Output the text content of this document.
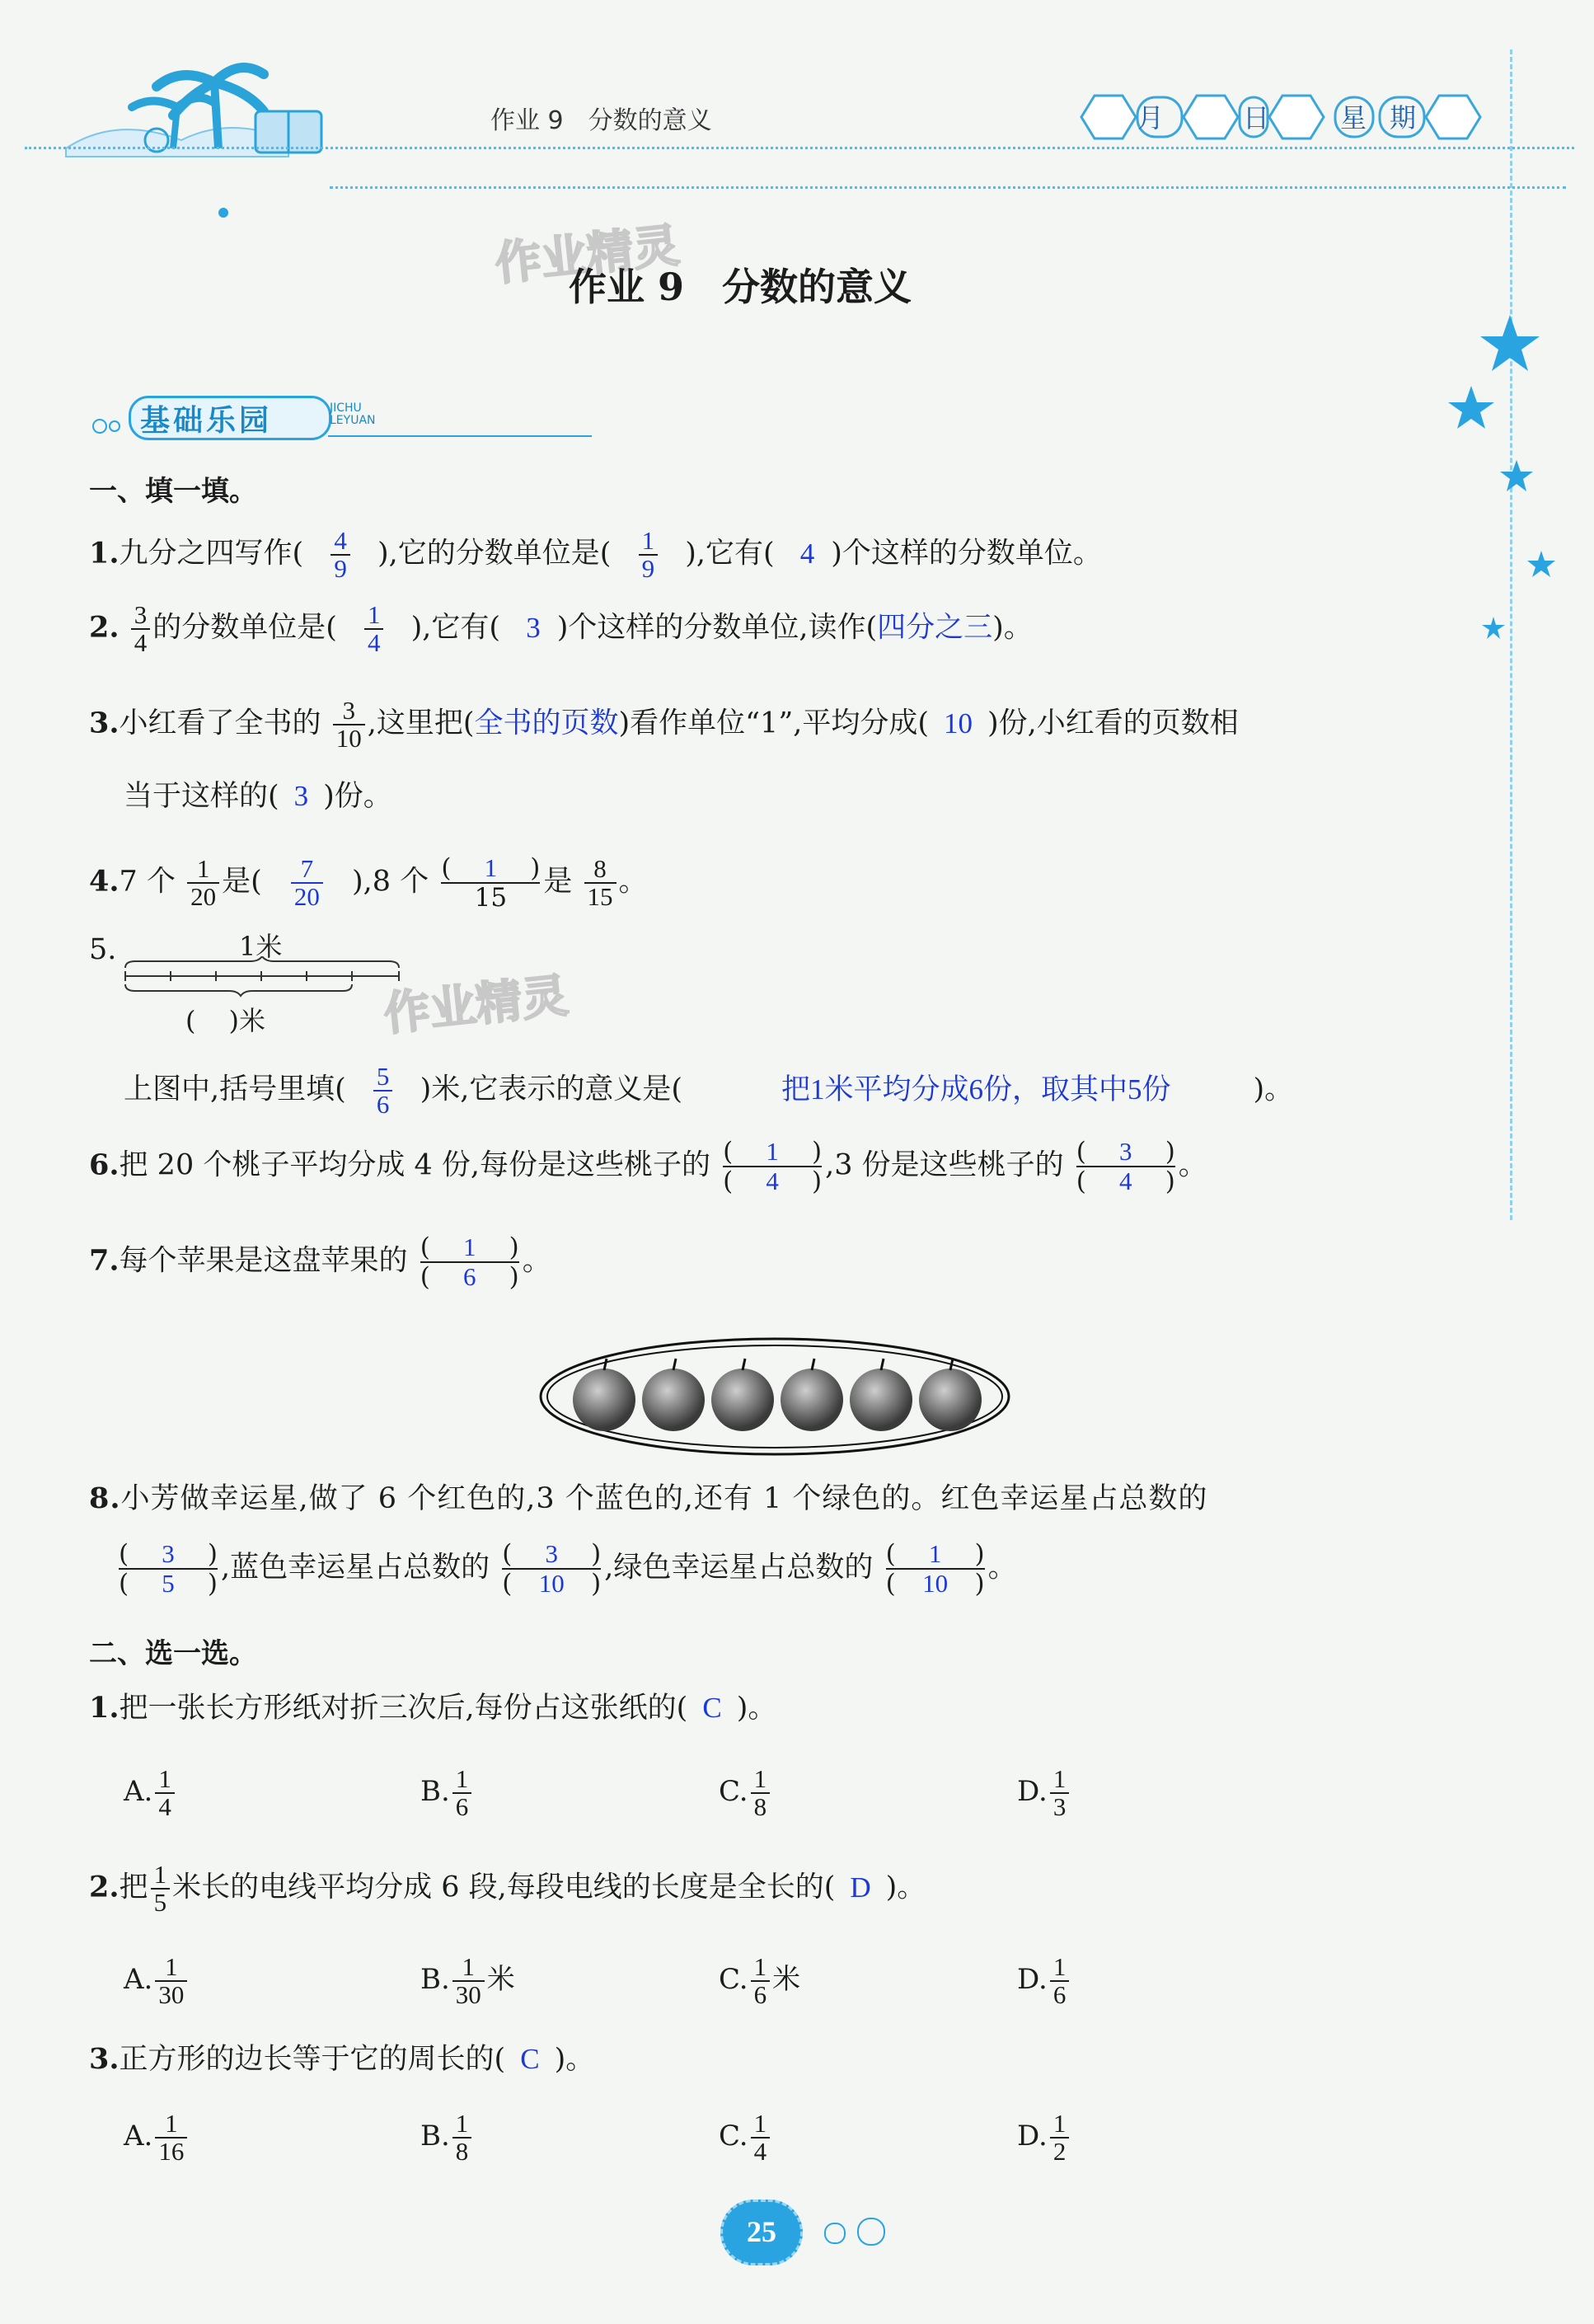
作业 9　分数的意义	月	日	星 期
作业精灵
作业精灵
作业 9　分数的意义
基础乐园	JICHU
LEYUAN
一、填一填。
1.九分之四写作( $\frac{4}{9}$ ),它的分数单位是( $\frac{1}{9}$ ),它有( 4 )个这样的分数单位。
2. $\frac{3}{4}$ 的分数单位是( $\frac{1}{4}$ ),它有( 3 )个这样的分数单位,读作(四分之三)。
3.小红看了全书的 $\frac{3}{10}$ ,这里把(全书的页数)看作单位“1”,平均分成( 10 )份,小红看的页数相
当于这样的( 3 )份。
4.7 个 $\frac{1}{20}$ 是( $\frac{7}{20} ),8$ 个 (	1	)
15 是 $\frac{8}{15}$ 。
5.	1米
( )米
上图中,括号里填( $\frac{5}{6}$ )米,它表示的意义是(	把1米平均分成6份，取其中5份	)。
6.把 20 个桃子平均分成 4 份,每份是这些桃子的 (	1	)
(	4	) ,3 份是这些桃子的 (	3	)
(	4	) 。
7.每个苹果是这盘苹果的 (	1	)
(	6	) 。
8.小芳做幸运星,做了 6 个红色的,3 个蓝色的,还有 1 个绿色的。红色幸运星占总数的
(	3	)
(	5	) ,蓝色幸运星占总数的 (	3	)
(	10	) ,绿色幸运星占总数的 (	1	)
(	10	) 。
二、选一选。
1.把一张长方形纸对折三次后,每份占这张纸的( C )。
A. $\frac{1}{4}$	B. $\frac{1}{6}$	C. $\frac{1}{8}$	D. $\frac{1}{3}$
2.把 $\frac{1}{5}$ 米长的电线平均分成 6 段,每段电线的长度是全长的( D )。
A. $\frac{1}{30}$	B. $\frac{1}{30}$ 米	C. $\frac{1}{6}$ 米	D. $\frac{1}{6}$
3.正方形的边长等于它的周长的( C )。
A. $\frac{1}{16}$	B. $\frac{1}{8}$	C. $\frac{1}{4}$	D. $\frac{1}{2}$
25
